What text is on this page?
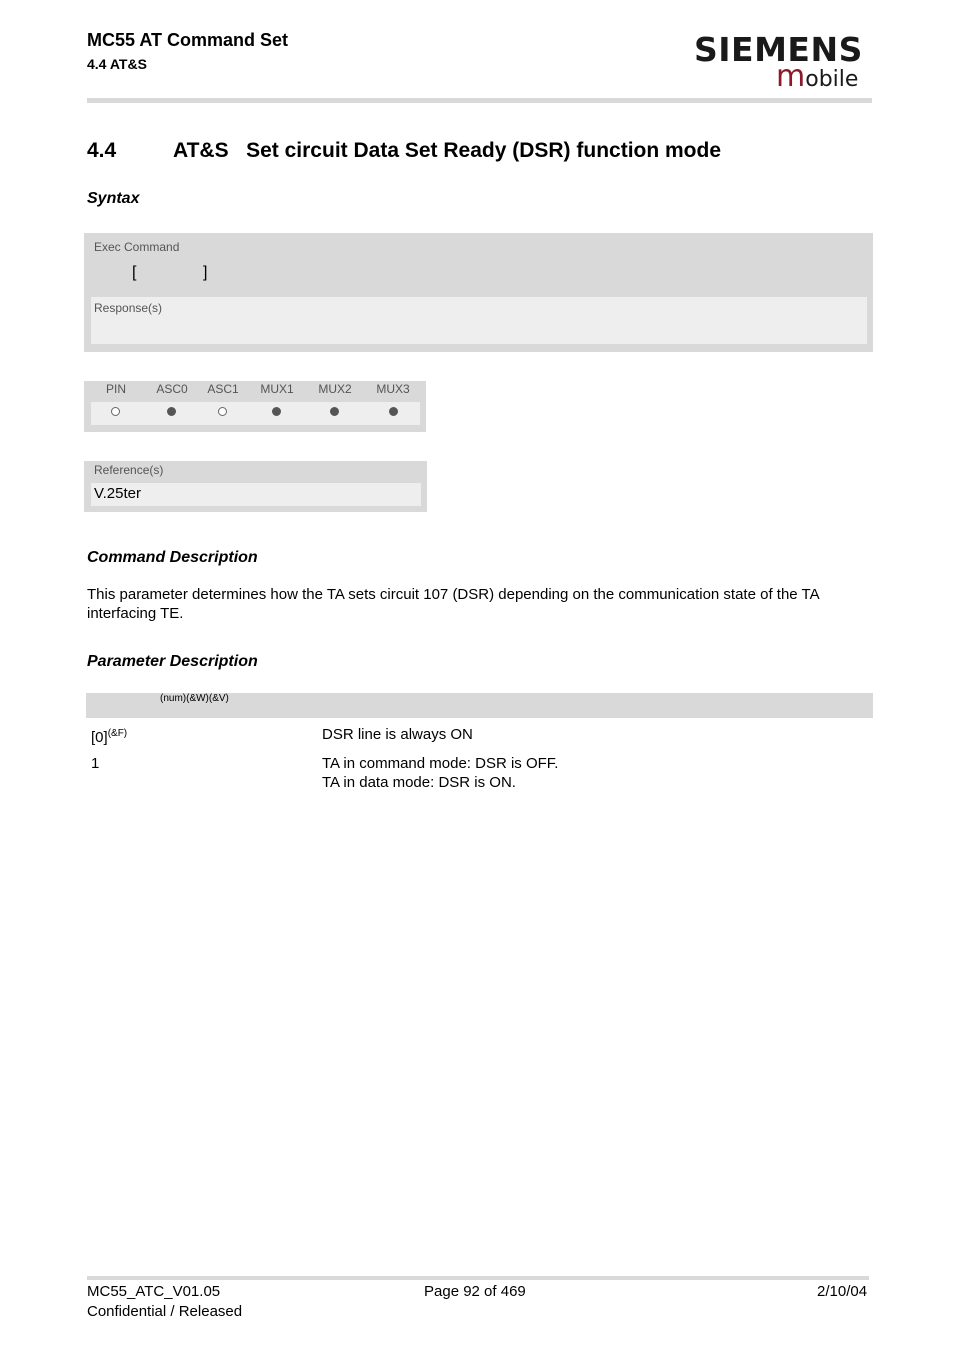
MC55 AT Command Set
4.4 AT&S	SIEMENS
mobile
4.4	AT&S   Set circuit Data Set Ready (DSR) function mode
Syntax
Exec Command
[	]
Response(s)
PIN	ASC0	ASC1	MUX1	MUX2	MUX3
Reference(s)
V.25ter
Command Description
This parameter determines how the TA sets circuit 107 (DSR) depending on the communication state of the TA
interfacing TE.
Parameter Description
(num)(&W)(&V)
$[0]^{(\&F)}$	DSR line is always ON
1	TA in command mode: DSR is OFF.
TA in data mode: DSR is ON.
MC55_ATC_V01.05
Confidential / Released
Page 92 of 469	2/10/04
